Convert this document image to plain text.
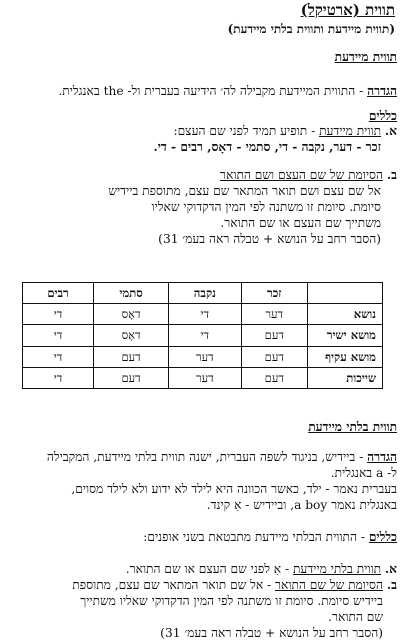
תווית (ארטיקל)
(תווית מיידעת ותווית בלתי מיידעת)
תווית מיידעת
הגדרה - התווית המיידעת מקבילה לה׳ הידיעה בעברית ול- the באנגלית.
כללים
א. תווית מיידעת - תופיע תמיד לפני שם העצם:
זכר - דער, נקבה - די, סתמי - דאָס, רבים - די.
ב. הסיומת של שם העצם ושם התואר
אל שם עצם ושם תואר המתאר שם עצם, מתוספת ביידיש
סיומת. סיומת זו משתנה לפי המין הדקדוקי שאליו
משתייך שם העצם או שם התואר.
(הסבר רחב על הנושא + טבלה ראה בעמ׳ 31)
	זכר	נקבה	סתמי	רבים
נושא	דער	די	דאָס	די
מושא ישיר	דעם	די	דאָס	די
מושא עקיף	דעם	דער	דעם	די
שייכות	דעם	דער	דעם	די
תווית בלתי מיידעת
הגדרה - ביידיש, בניגוד לשפה העברית, ישנה תווית בלתי מיידעת, המקבילה
ל- a באנגלית.
בעברית נאמר - ילד, כאשר הכוונה היא לילד לא ידוע ולא לילד מסוים,
באנגלית נאמר a boy, וביידיש - אַ קינד.
כללים - התווית הבלתי מיידעת מתבטאת בשני אופנים:
א. תווית בלתי מיידעת - אַ לפני שם העצם או שם התואר.
ב. הסיומת של שם התואר - אל שם תואר המתאר שם עצם, מתוספת
ביידיש סיומת. סיומת זו משתנה לפי המין הדקדוקי שאליו משתייך
שם התואר.
(הסבר רחב על הנושא + טבלה ראה בעמ׳ 31)
